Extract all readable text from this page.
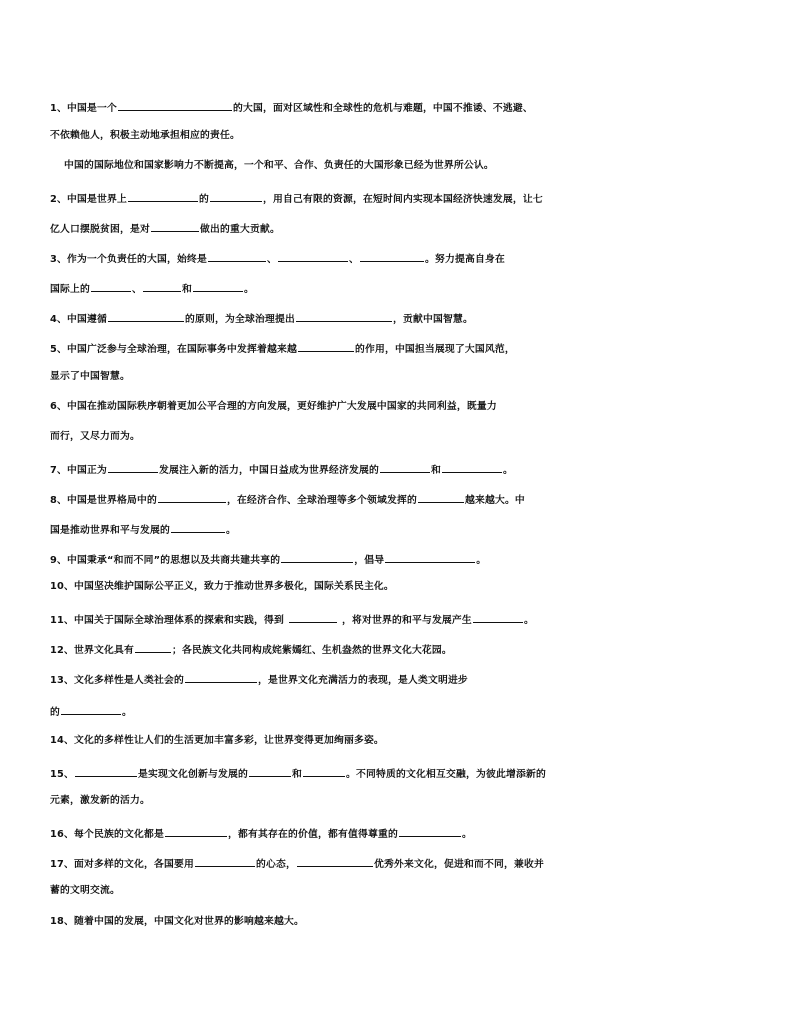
1、中国是一个	的大国，面对区域性和全球性的危机与难题，中国不推诿、不逃避、
不依赖他人，积极主动地承担相应的责任。
中国的国际地位和国家影响力不断提高，一个和平、合作、负责任的大国形象已经为世界所公认。
2、中国是世界上	的	，用自己有限的资源，在短时间内实现本国经济快速发展，让七
亿人口摆脱贫困，是对	做出的重大贡献。
3、作为一个负责任的大国，始终是	、	、	。努力提高自身在
国际上的	、	和	。
4、中国遵循	的原则，为全球治理提出	，贡献中国智慧。
5、中国广泛参与全球治理，在国际事务中发挥着越来越	的作用，中国担当展现了大国风范，
显示了中国智慧。
6、中国在推动国际秩序朝着更加公平合理的方向发展，更好维护广大发展中国家的共同利益，既量力
而行，又尽力而为。
7、中国正为	发展注入新的活力，中国日益成为世界经济发展的	和	。
8、中国是世界格局中的	，在经济合作、全球治理等多个领域发挥的	越来越大。中
国是推动世界和平与发展的	。
9、中国秉承“和而不同”的思想以及共商共建共享的	，倡导	。
10、中国坚决维护国际公平正义，致力于推动世界多极化，国际关系民主化。
11、中国关于国际全球治理体系的探索和实践，得到	，将对世界的和平与发展产生	。
12、世界文化具有	；各民族文化共同构成姹紫嫣红、生机盎然的世界文化大花园。
13、文化多样性是人类社会的	，是世界文化充满活力的表现，是人类文明进步
的	。
14、文化的多样性让人们的生活更加丰富多彩，让世界变得更加绚丽多姿。
15、	是实现文化创新与发展的	和	。不同特质的文化相互交融，为彼此增添新的
元素，激发新的活力。
16、每个民族的文化都是	，都有其存在的价值，都有值得尊重的	。
17、面对多样的文化，各国要用	的心态，	优秀外来文化，促进和而不同，兼收并
蓄的文明交流。
18、随着中国的发展，中国文化对世界的影响越来越大。
